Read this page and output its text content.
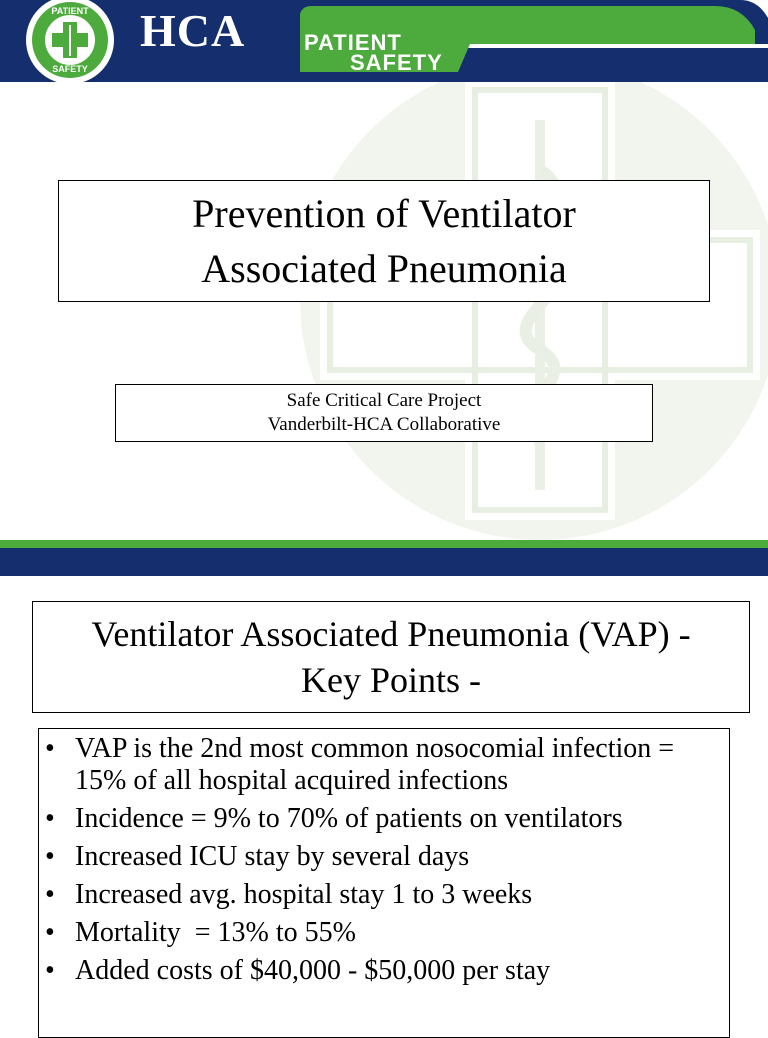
PATIENT
SAFETY
HCA	PATIENT
SAFETY
Prevention of Ventilator
Associated Pneumonia
Safe Critical Care Project
Vanderbilt-HCA Collaborative
Ventilator Associated Pneumonia (VAP) -
Key Points -
• VAP is the 2nd most common nosocomial infection = 15% of all hospital acquired infections
• Incidence = 9% to 70% of patients on ventilators
• Increased ICU stay by several days
• Increased avg. hospital stay 1 to 3 weeks
• Mortality  = 13% to 55%
• Added costs of $40,000 - $50,000 per stay
